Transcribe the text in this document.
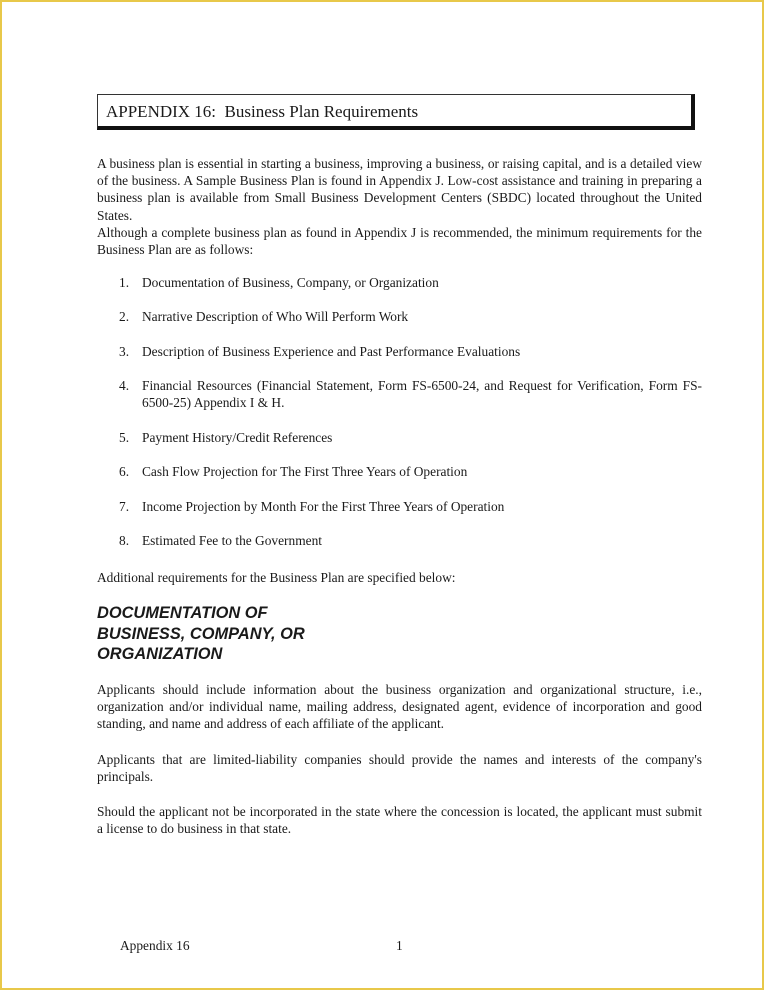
APPENDIX 16:  Business Plan Requirements
A business plan is essential in starting a business, improving a business, or raising capital, and is a detailed view of the business. A Sample Business Plan is found in Appendix J. Low-cost assistance and training in preparing a business plan is available from Small Business Development Centers (SBDC) located throughout the United States.
Although a complete business plan as found in Appendix J is recommended, the minimum requirements for the Business Plan are as follows:
1. Documentation of Business, Company, or Organization
2. Narrative Description of Who Will Perform Work
3. Description of Business Experience and Past Performance Evaluations
4. Financial Resources (Financial Statement, Form FS-6500-24, and Request for Verification, Form FS-6500-25) Appendix I & H.
5. Payment History/Credit References
6. Cash Flow Projection for The First Three Years of Operation
7. Income Projection by Month For the First Three Years of Operation
8. Estimated Fee to the Government
Additional requirements for the Business Plan are specified below:
DOCUMENTATION OF
BUSINESS, COMPANY, OR
ORGANIZATION
Applicants should include information about the business organization and organizational structure, i.e., organization and/or individual name, mailing address, designated agent, evidence of incorporation and good standing, and name and address of each affiliate of the applicant.
Applicants that are limited-liability companies should provide the names and interests of the company's principals.
Should the applicant not be incorporated in the state where the concession is located, the applicant must submit a license to do business in that state.
Appendix 16	1
